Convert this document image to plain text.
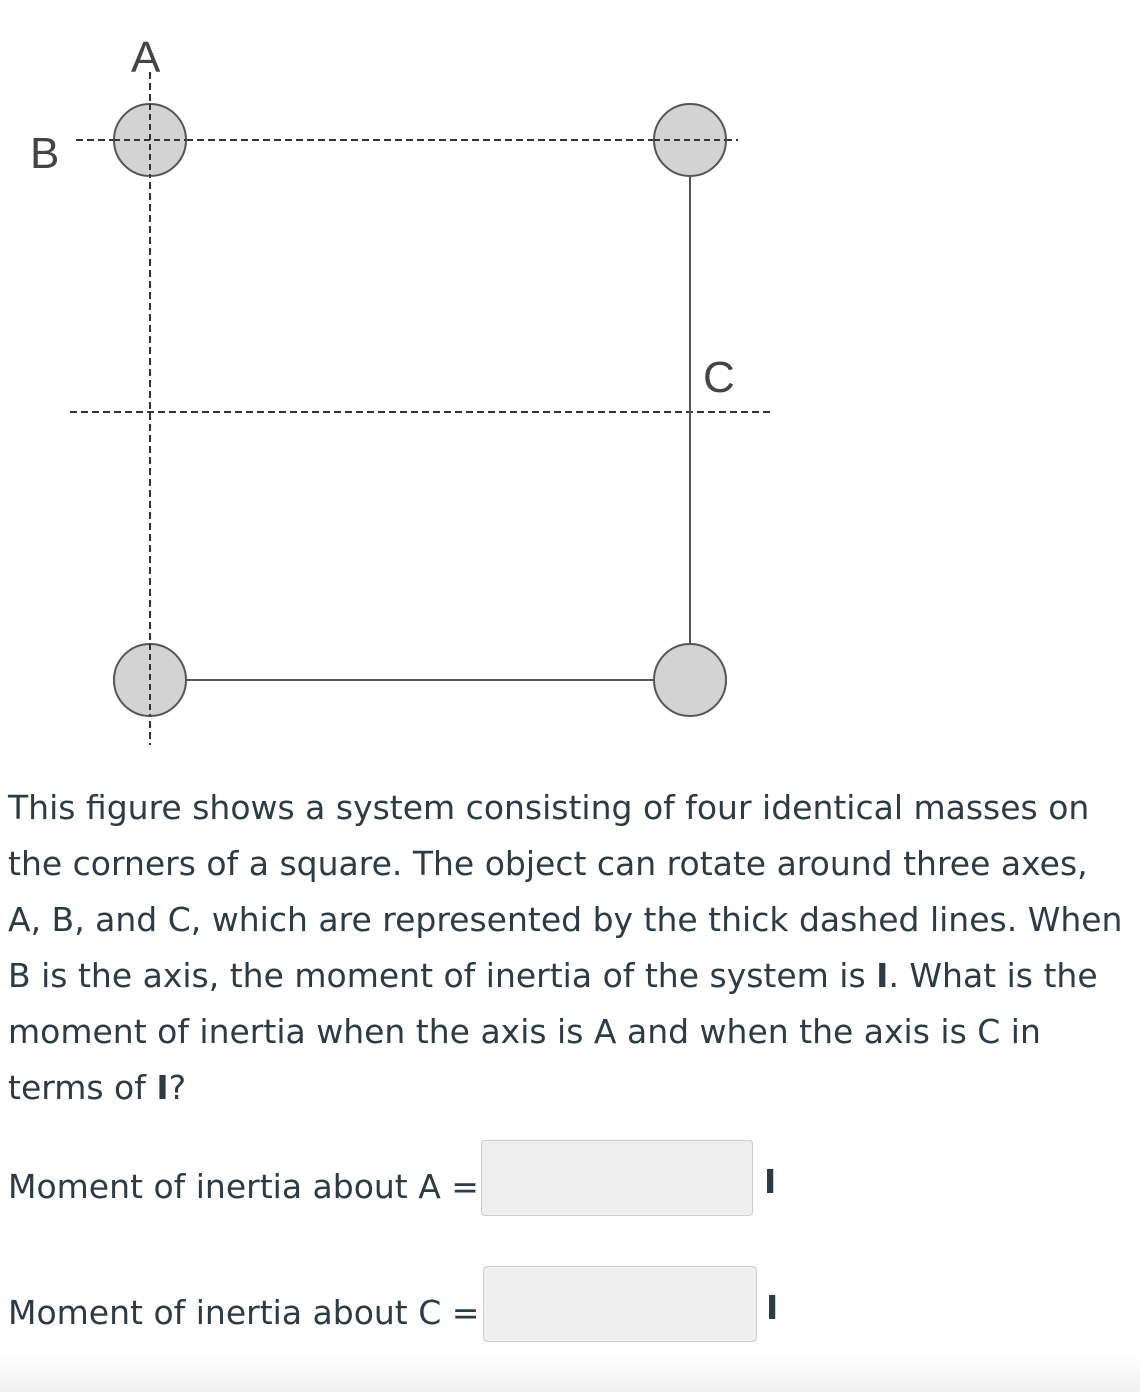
A
B
C

This figure shows a system consisting of four identical masses on the corners of a square. The object can rotate around three axes, A, B, and C, which are represented by the thick dashed lines. When B is the axis, the moment of inertia of the system is I. What is the moment of inertia when the axis is A and when the axis is C in terms of I?

Moment of inertia about A =	I
Moment of inertia about C =	I
